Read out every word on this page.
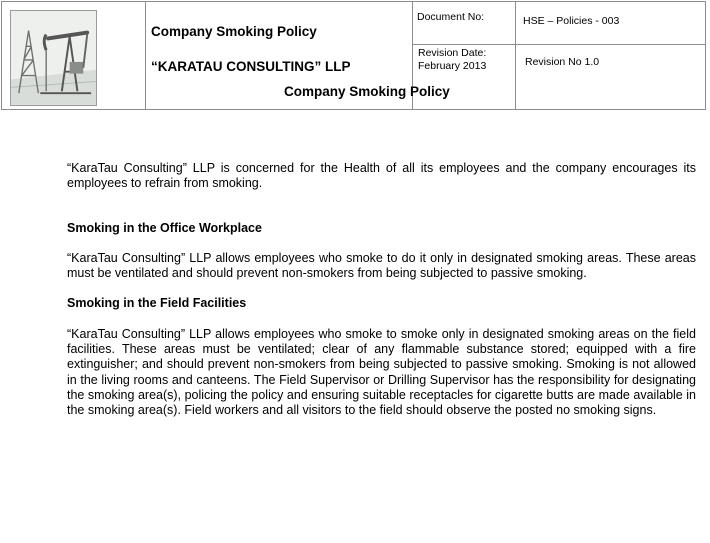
Company Smoking Policy
“KARATAU CONSULTING” LLP
Company Smoking Policy
Document No:	HSE – Policies - 003
Revision Date:
February 2013	Revision No 1.0

“KaraTau Consulting” LLP is concerned for the Health of all its employees and the company encourages its employees to refrain from smoking.

Smoking in the Office Workplace

“KaraTau Consulting” LLP allows employees who smoke to do it only in designated smoking areas. These areas must be ventilated and should prevent non-smokers from being subjected to passive smoking.

Smoking in the Field Facilities

“KaraTau Consulting” LLP allows employees who smoke to smoke only in designated smoking areas on the field facilities. These areas must be ventilated; clear of any flammable substance stored; equipped with a fire extinguisher; and should prevent non-smokers from being subjected to passive smoking. Smoking is not allowed in the living rooms and canteens. The Field Supervisor or Drilling Supervisor has the responsibility for designating the smoking area(s), policing the policy and ensuring suitable receptacles for cigarette butts are made available in the smoking area(s). Field workers and all visitors to the field should observe the posted no smoking signs.
